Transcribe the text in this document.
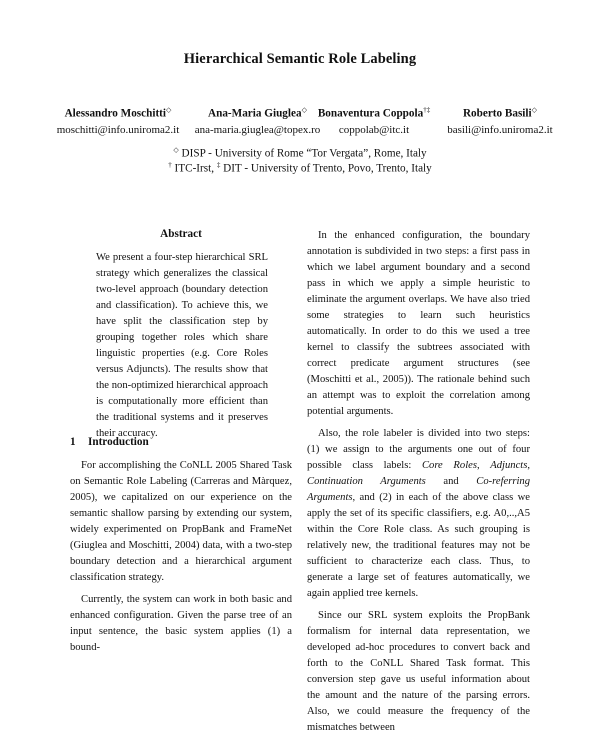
Hierarchical Semantic Role Labeling
Alessandro Moschitti◇
moschitti@info.uniroma2.it
Ana-Maria Giuglea◇
ana-maria.giuglea@topex.ro
Bonaventura Coppola†‡
coppolab@itc.it
Roberto Basili◇
basili@info.uniroma2.it
◇ DISP - University of Rome “Tor Vergata”, Rome, Italy
† ITC-Irst, ‡ DIT - University of Trento, Povo, Trento, Italy
Abstract
We present a four-step hierarchical SRL strategy which generalizes the classical two-level approach (boundary detection and classification). To achieve this, we have split the classification step by grouping together roles which share linguistic properties (e.g. Core Roles versus Adjuncts). The results show that the non-optimized hierarchical approach is computationally more efficient than the traditional systems and it preserves their accuracy.
1 Introduction

For accomplishing the CoNLL 2005 Shared Task on Semantic Role Labeling (Carreras and Màrquez, 2005), we capitalized on our experience on the semantic shallow parsing by extending our system, widely experimented on PropBank and FrameNet (Giuglea and Moschitti, 2004) data, with a two-step boundary detection and a hierarchical argument classification strategy.

Currently, the system can work in both basic and enhanced configuration. Given the parse tree of an input sentence, the basic system applies (1) a bound-

In the enhanced configuration, the boundary annotation is subdivided in two steps: a first pass in which we label argument boundary and a second pass in which we apply a simple heuristic to eliminate the argument overlaps. We have also tried some strategies to learn such heuristics automatically. In order to do this we used a tree kernel to classify the subtrees associated with correct predicate argument structures (see (Moschitti et al., 2005)). The rationale behind such an attempt was to exploit the correlation among potential arguments.

Also, the role labeler is divided into two steps: (1) we assign to the arguments one out of four possible class labels: Core Roles, Adjuncts, Continuation Arguments and Co-referring Arguments, and (2) in each of the above class we apply the set of its specific classifiers, e.g. A0,..,A5 within the Core Role class. As such grouping is relatively new, the traditional features may not be sufficient to characterize each class. Thus, to generate a large set of features automatically, we again applied tree kernels.

Since our SRL system exploits the PropBank formalism for internal data representation, we developed ad-hoc procedures to convert back and forth to the CoNLL Shared Task format. This conversion step gave us useful information about the amount and the nature of the parsing errors. Also, we could measure the frequency of the mismatches between
